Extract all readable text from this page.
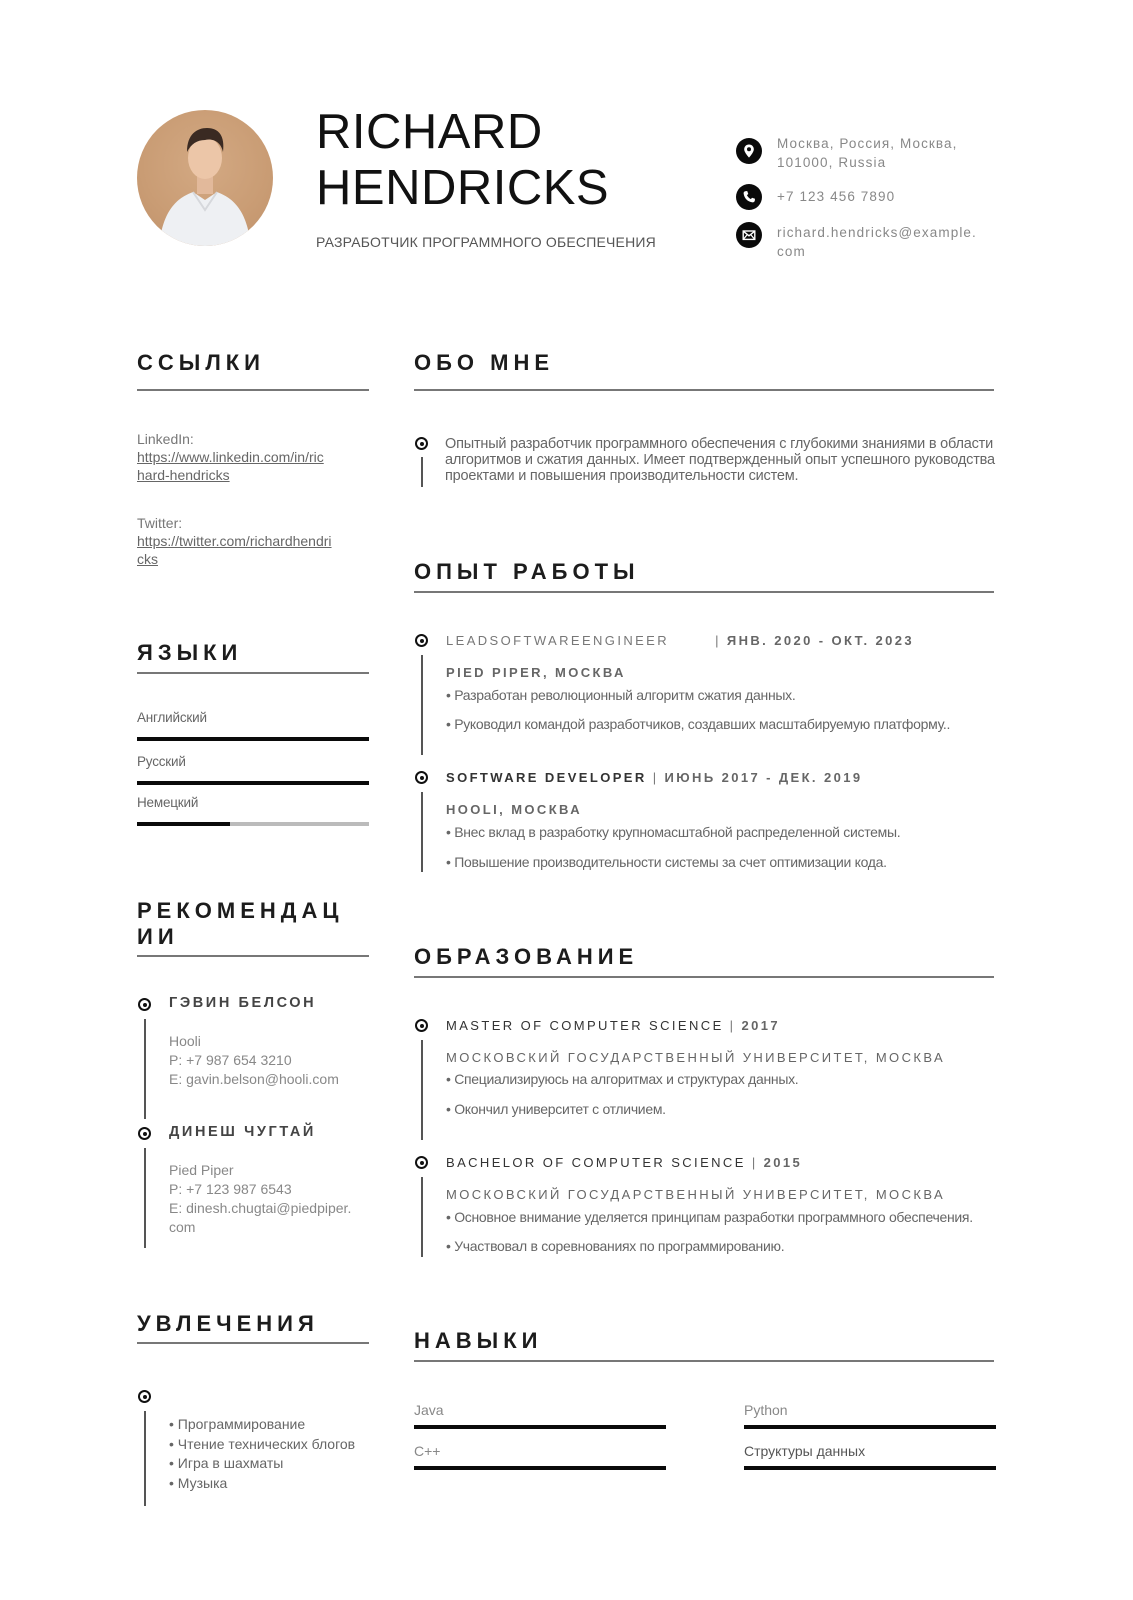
RICHARD
HENDRICKS
РАЗРАБОТЧИК ПРОГРАММНОГО ОБЕСПЕЧЕНИЯ
Москва, Россия, Москва,
101000, Russia
+7 123 456 7890
richard.hendricks@example.
com
ССЫЛКИ
LinkedIn:
https://www.linkedin.com/in/ric
hard-hendricks
Twitter:
https://twitter.com/richardhendri
cks
ЯЗЫКИ
Английский
Русский
Немецкий
РЕКОМЕНДАЦ
ИИ
ГЭВИН БЕЛСОН
Hooli
P: +7 987 654 3210
E: gavin.belson@hooli.com
ДИНЕШ ЧУГТАЙ
Pied Piper
P: +7 123 987 6543
E: dinesh.chugtai@piedpiper.
com
УВЛЕЧЕНИЯ
• Программирование
• Чтение технических блогов
• Игра в шахматы
• Музыка
ОБО МНЕ
Опытный разработчик программного обеспечения с глубокими знаниями в области алгоритмов и сжатия данных. Имеет подтвержденный опыт успешного руководства проектами и повышения производительности систем.
ОПЫТ РАБОТЫ
LEADSOFTWAREENGINEER	| ЯНВ. 2020 - ОКТ. 2023
PIED PIPER, МОСКВА
• Разработан революционный алгоритм сжатия данных.
• Руководил командой разработчиков, создавших масштабируемую платформу..
SOFTWARE DEVELOPER | ИЮНЬ 2017 - ДЕК. 2019
HOOLI, МОСКВА
• Внес вклад в разработку крупномасштабной распределенной системы.
• Повышение производительности системы за счет оптимизации кода.
ОБРАЗОВАНИЕ
MASTER OF COMPUTER SCIENCE | 2017
МОСКОВСКИЙ ГОСУДАРСТВЕННЫЙ УНИВЕРСИТЕТ, МОСКВА
• Специализируюсь на алгоритмах и структурах данных.
• Окончил университет с отличием.
BACHELOR OF COMPUTER SCIENCE | 2015
МОСКОВСКИЙ ГОСУДАРСТВЕННЫЙ УНИВЕРСИТЕТ, МОСКВА
• Основное внимание уделяется принципам разработки программного обеспечения.
• Участвовал в соревнованиях по программированию.
НАВЫКИ
Java	Python
C++	Структуры данных
